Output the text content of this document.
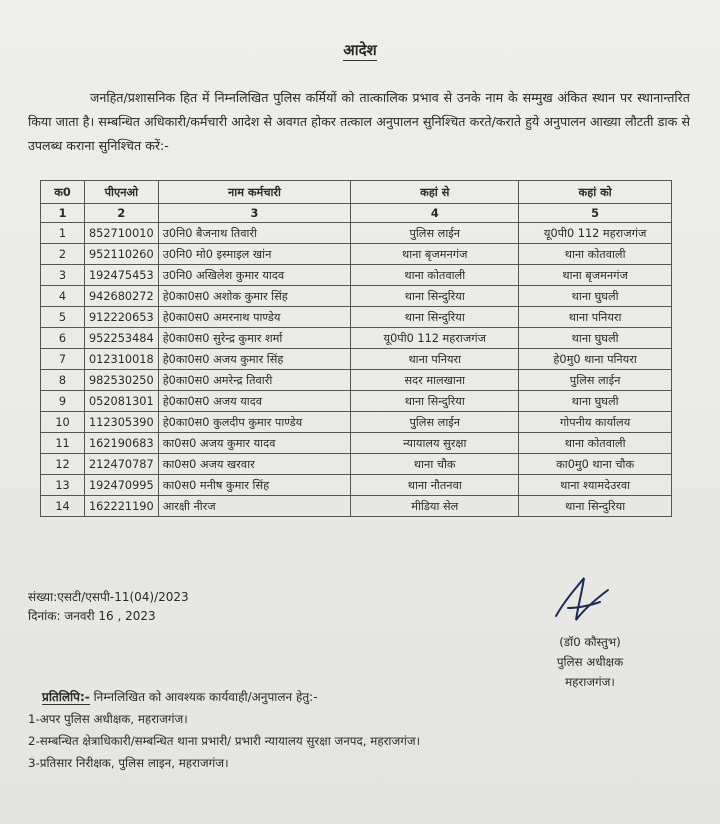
आदेश
जनहित/प्रशासनिक हित में निम्नलिखित पुलिस कर्मियों को तात्कालिक प्रभाव से उनके नाम के सम्मुख अंकित स्थान पर स्थानान्तरित किया जाता है। सम्बन्धित अधिकारी/कर्मचारी आदेश से अवगत होकर तत्काल अनुपालन सुनिश्चित करते/कराते हुये अनुपालन आख्या लौटती डाक से उपलब्ध कराना सुनिश्चित करें:-
क0	पीएनओ	नाम कर्मचारी	कहां से	कहां को
1	2	3	4	5
1	852710010	उ0नि0 बैजनाथ तिवारी	पुलिस लाईन	यू0पी0 112 महराजगंज
2	952110260	उ0नि0 मो0 इस्माइल खांन	थाना बृजमनगंज	थाना कोतवाली
3	192475453	उ0नि0 अखिलेश कुमार यादव	थाना कोतवाली	थाना बृजमनगंज
4	942680272	हे0का0स0 अशोक कुमार सिंह	थाना सिन्दुरिया	थाना घुघली
5	912220653	हे0का0स0 अमरनाथ पाण्डेय	थाना सिन्दुरिया	थाना पनियरा
6	952253484	हे0का0स0 सुरेन्द्र कुमार शर्मा	यू0पी0 112 महराजगंज	थाना घुघली
7	012310018	हे0का0स0 अजय कुमार सिंह	थाना पनियरा	हे0मु0 थाना पनियरा
8	982530250	हे0का0स0 अमरेन्द्र तिवारी	सदर मालखाना	पुलिस लाईन
9	052081301	हे0का0स0 अजय यादव	थाना सिन्दुरिया	थाना घुघली
10	112305390	हे0का0स0 कुलदीप कुमार पाण्डेय	पुलिस लाईन	गोपनीय कार्यालय
11	162190683	का0स0 अजय कुमार यादव	न्यायालय सुरक्षा	थाना कोतवाली
12	212470787	का0स0 अजय खरवार	थाना चौक	का0मु0 थाना चौक
13	192470995	का0स0 मनीष कुमार सिंह	थाना नौतनवा	थाना श्यामदेउरवा
14	162221190	आरक्षी नीरज	मीडिया सेल	थाना सिन्दुरिया
संख्या:एसटी/एसपी-11(04)/2023
दिनांक: जनवरी 16 , 2023
(डॉ0 कौस्तुभ)
पुलिस अधीक्षक
महराजगंज।
प्रतिलिपि:- निम्नलिखित को आवश्यक कार्यवाही/अनुपालन हेतु:-
1-अपर पुलिस अधीक्षक, महराजगंज।
2-सम्बन्धित क्षेत्राधिकारी/सम्बन्धित थाना प्रभारी/ प्रभारी न्यायालय सुरक्षा जनपद, महराजगंज।
3-प्रतिसार निरीक्षक, पुलिस लाइन, महराजगंज।
